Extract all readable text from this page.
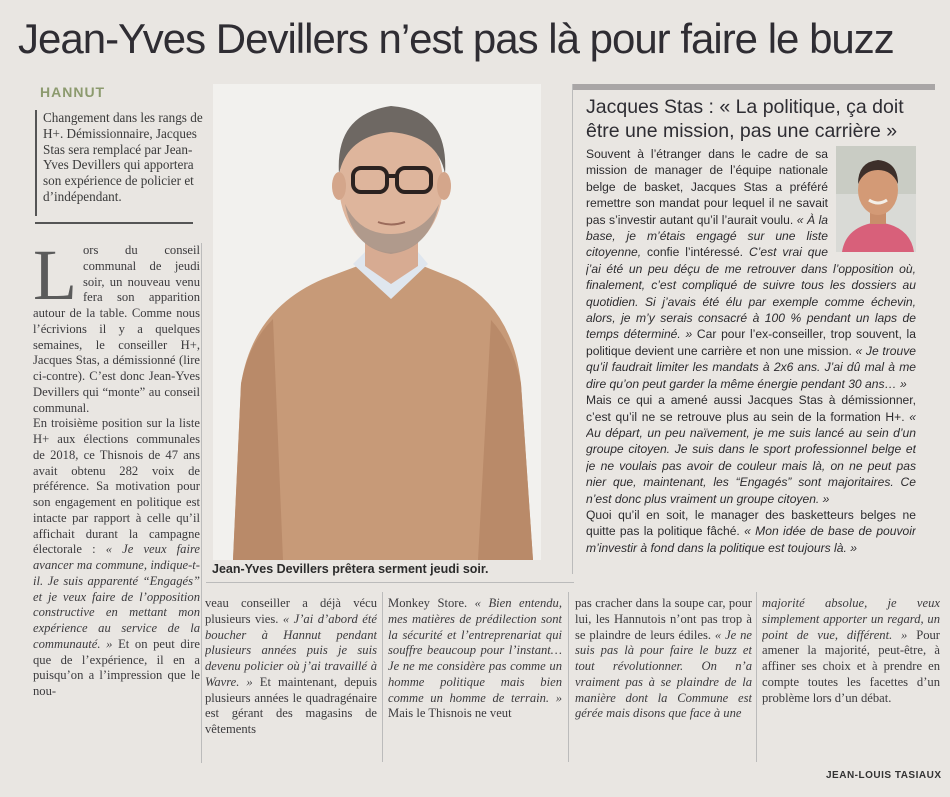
Jean-Yves Devillers n’est pas là pour faire le buzz
HANNUT
Changement dans les rangs de H+. Démissionnaire, Jacques Stas sera remplacé par Jean-Yves Devillers qui apportera son expérience de policier et d’indépendant.
L ors du conseil communal de jeudi soir, un nouveau venu fera son apparition autour de la table. Comme nous l’écrivions il y a quelques semaines, le conseiller H+, Jacques Stas, a démissionné (lire ci-contre). C’est donc Jean-Yves Devillers qui “monte” au conseil communal.
En troisième position sur la liste H+ aux élections communales de 2018, ce Thisnois de 47 ans avait obtenu 282 voix de préférence. Sa motivation pour son engagement en politique est intacte par rapport à celle qu’il affichait durant la campagne électorale : « Je veux faire avancer ma commune, indique-t-il. Je suis apparenté “Engagés” et je veux faire de l’opposition constructive en mettant mon expérience au service de la communauté. » Et on peut dire que de l’expérience, il en a puisqu’on a l’impression que le nou-
Jean-Yves Devillers prêtera serment jeudi soir.
veau conseiller a déjà vécu plusieurs vies. « J’ai d’abord été boucher à Hannut pendant plusieurs années puis je suis devenu policier où j’ai travaillé à Wavre. » Et maintenant, depuis plusieurs années le quadragénaire est gérant des magasins de vêtements
Monkey Store. « Bien entendu, mes matières de prédilection sont la sécurité et l’entreprenariat qui souffre beaucoup pour l’instant… Je ne me considère pas comme un homme politique mais bien comme un homme de terrain. » Mais le Thisnois ne veut
pas cracher dans la soupe car, pour lui, les Hannutois n’ont pas trop à se plaindre de leurs édiles. « Je ne suis pas là pour faire le buzz et tout révolutionner. On n’a vraiment pas à se plaindre de la manière dont la Commune est gérée mais disons que face à une
majorité absolue, je veux simplement apporter un regard, un point de vue, différent. » Pour amener la majorité, peut-être, à affiner ses choix et à prendre en compte toutes les facettes d’un problème lors d’un débat.
JEAN-LOUIS TASIAUX
Jacques Stas : « La politique, ça doit être une mission, pas une carrière »
Souvent à l’étranger dans le cadre de sa mission de manager de l’équipe nationale belge de basket, Jacques Stas a préféré remettre son mandat pour lequel il ne savait pas s’investir autant qu’il l’aurait voulu. « À la base, je m’étais engagé sur une liste citoyenne, confie l’intéressé. C’est vrai que j’ai été un peu déçu de me retrouver dans l’opposition où, finalement, c’est compliqué de suivre tous les dossiers au quotidien. Si j’avais été élu par exemple comme échevin, alors, je m’y serais consacré à 100 % pendant un laps de temps déterminé. » Car pour l’ex-conseiller, trop souvent, la politique devient une carrière et non une mission. « Je trouve qu’il faudrait limiter les mandats à 2x6 ans. J’ai dû mal à me dire qu’on peut garder la même énergie pendant 30 ans… »
Mais ce qui a amené aussi Jacques Stas à démissionner, c’est qu’il ne se retrouve plus au sein de la formation H+. « Au départ, un peu naïvement, je me suis lancé au sein d’un groupe citoyen. Je suis dans le sport professionnel belge et je ne voulais pas avoir de couleur mais là, on ne peut pas nier que, maintenant, les “Engagés” sont majoritaires. Ce n’est donc plus vraiment un groupe citoyen. »
Quoi qu’il en soit, le manager des basketteurs belges ne quitte pas la politique fâché. « Mon idée de base de pouvoir m’investir à fond dans la politique est toujours là. »
